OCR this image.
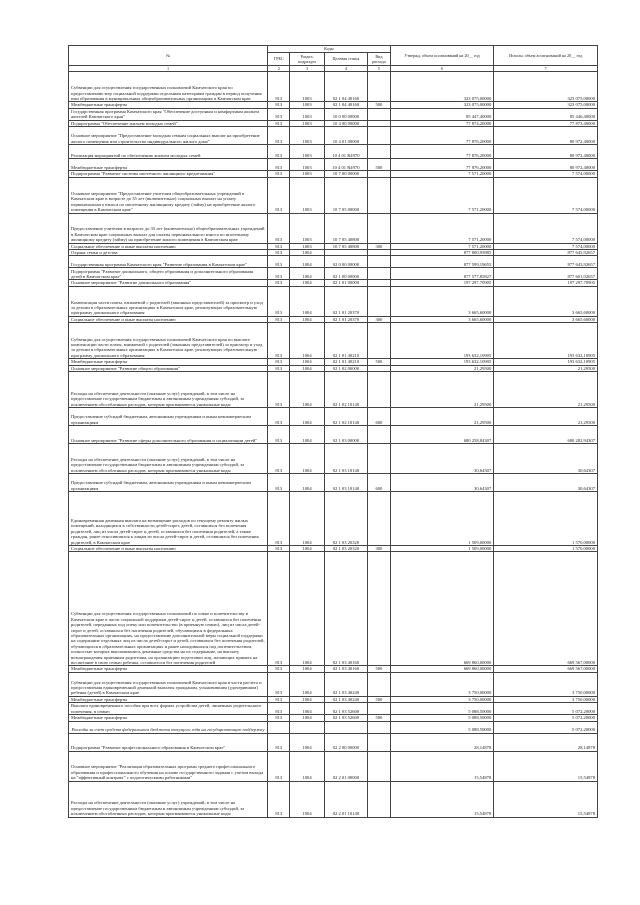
№	Коды				Утвержд. объем ассигнований на 20__ год	Исполн. объем ассигнований на 20__ год
	ГРБС	Раздел, подраздел	Целевая статья	Вид расхода		
1	2	3	4	5	6	7
Субвенции для осуществления государственных полномочий Камчатского края по предоставлению мер социальной поддержки отдельным категориям граждан в период получения ими образования в муниципальных общеобразовательных организациях в Камчатском крае	813	1003	02 1 04 40160		323 075,00000	323 075,00000
Межбюджетные трансферты	813	1003	02 1 04 40160	500	323 075,00000	323 075,00000
Государственная программа Камчатского края "Обеспечение доступным и комфортным жильем жителей Камчатского края"	813	1003	10 0 00 00000		85 447,40000	85 446,40000
Подпрограмма "Обеспечение жильем молодых семей"	813	1003	10 4 00 00000		77 874,20000	77 873,40000
Основное мероприятие "Предоставление молодым семьям социальных выплат на приобретение жилого помещения или строительство индивидуального жилого дома"	813	1003	10 4 01 00000		77 876,20000	80 972,40000
Реализация мероприятий по обеспечению жильем молодых семей	813	1003	10 4 01 R4970		77 876,20000	80 972,40000
Межбюджетные трансферты	813	1003	10 4 01 R4970	500	77 876,20000	80 972,40000
Подпрограмма "Развитие системы ипотечного жилищного кредитования"	813	1003	10 7 00 00000		7 571,20000	7 574,00000
Основное мероприятие "Предоставление учителям общеобразовательных учреждений в Камчатском крае в возрасте до 35 лет (включительно) социальных выплат на уплату первоначального взноса по ипотечному жилищному кредиту (займу) на приобретение жилого помещения в Камчатском крае"	813	1003	10 7 05 00000		7 571,20000	7 574,00000
Предоставление учителям в возрасте до 35 лет (включительно) общеобразовательных учреждений в Камчатском крае социальных выплат для оплаты первоначального взноса по ипотечному жилищному кредиту (займу) на приобретение жилого помещения в Камчатском крае	813	1003	10 7 05 40800		7 571,20000	7 574,00000
Социальное обеспечение и иные выплаты населению	813	1003	10 7 05 40800	300	7 571,20000	7 574,00000
Охрана семьи и детства	813	1004			877 800,95885	877 645,92657
Государственная программа Камчатского края "Развитие образования в Камчатском крае"	813	1004	02 0 00 00000		877 599,19655	877 643,92657
Подпрограмма "Развитие дошкольного, общего образования и дополнительного образования детей в Камчатском крае"	813	1004	02 1 00 00000		877 577,85827	877 601,02657
Основное мероприятие "Развитие дошкольного образования"	813	1004	02 1 01 00000		197 297,70905	197 297,70905
Компенсация части платы, взимаемой с родителей (законных представителей) за присмотр и уход за детьми в образовательных организациях в Камчатском крае, реализующих образовательную программу дошкольного образования	813	1004	02 1 01 20370		3 665,60000	3 665,60000
Социальное обеспечение и иные выплаты населению	813	1004	02 1 01 20370	300	3 665,60000	3 665,60000
Субвенции для осуществления государственных полномочий Камчатского края по выплате компенсации части платы, взимаемой с родителей (законных представителей) за присмотр и уход за детьми в образовательных организациях в Камчатском крае, реализующих образовательную программу дошкольного образования	813	1004	02 1 01 40210		193 632,10905	193 632,10905
Межбюджетные трансферты	813	1004	02 1 01 40210	500	193 632,10905	193 632,10905
Основное мероприятие "Развитие общего образования"	813	1004	02 1 02 00000		21,29500	21,29500
Расходы на обеспечение деятельности (оказание услуг) учреждений, в том числе на предоставление государственным бюджетным и автономным учреждениям субсидий, за исключением обособленных расходов, которым присваиваются уникальные коды	813	1004	02 1 02 10140		21,29500	21,29500
Предоставление субсидий бюджетным, автономным учреждениям и иным некоммерческим организациям	813	1004	02 1 02 10140	600	21,29500	21,29500
Основное мероприятие "Развитие сферы дополнительного образования и социализации детей"	813	1004	02 1 03 00000		680 258,84307	680 282,94307
Расходы на обеспечение деятельности (оказание услуг) учреждений, в том числе на предоставление государственным бюджетным и автономным учреждениям субсидий, за исключением обособленных расходов, которым присваиваются уникальные коды	813	1004	02 1 03 10140		30,64307	30,64307
Предоставление субсидий бюджетным, автономным учреждениям и иным некоммерческим организациям	813	1004	02 1 03 10140	600	30,64307	30,64307
Единовременная денежная выплата на возмещение расходов по текущему ремонту жилых помещений, находящихся в собственности детей-сирот, детей, оставшихся без попечения родителей, лиц из числа детей-сирот и детей, оставшихся без попечения родителей, а также граждан, ранее относившихся к лицам из числа детей-сирот и детей, оставшихся без попечения родителей, в Камчатском крае	813	1004	02 1 03 20320		1 509,00000	1 570,00000
Социальное обеспечение и иные выплаты населению	813	1004	02 1 03 20320	300	1 509,00000	1 570,00000
Субвенции для осуществления государственных полномочий по опеке и попечительству в Камчатском крае в части социальной поддержки детей-сирот и детей, оставшихся без попечения родителей, переданных под опеку или попечительство (в приемную семью), лиц из числа детей-сирот и детей, оставшихся без попечения родителей, обучающихся в федеральных образовательных организациях, на предоставление дополнительной меры социальной поддержки на содержание отдельных лиц из числа детей-сирот и детей, оставшихся без попечения родителей, обучающихся в образовательных организациях и ранее находившихся под попечительством, полностью которых выплачивались денежные средства на их содержание, на выплату вознаграждения приемным родителям, на организацию подготовки лиц, желающих принять на воспитание в свою семью ребенка, оставшегося без попечения родителей	813	1004	02 1 03 40160		669 860,00000	669 567,00000
Межбюджетные трансферты	813	1004	02 1 03 40160	500	669 860,00000	669 567,00000
Субвенции для осуществления государственных полномочий Камчатского края в части расчета и предоставления единовременной денежной выплаты гражданам, усыновившим (удочерившим) ребенка (детей) в Камчатском крае	813	1004	02 1 03 40240		3 750,00000	3 750,00000
Межбюджетные трансферты	813	1004	02 1 03 40240	500	3 750,00000	3 750,00000
Выплата единовременного пособия при всех формах устройства детей, лишенных родительского попечения, в семью	813	1004	02 1 03 52600		5 088,50000	5 072,20000
Межбюджетные трансферты	813	1004	02 1 03 52600	500	5 088,50000	5 072,20000
Расходы за счет средств федерального бюджета текущего года на государственную поддержку					5 088,50000	5 072,20000
Подпрограмма "Развитие профессионального образования в Камчатском крае"	813	1004	02 2 00 00000		28,14878	28,14878
Основное мероприятие "Реализация образовательных программ среднего профессионального образования и профессионального обучения на основе государственного задания с учетом выхода на "эффективный контракт" с педагогическими работниками"	813	1004	02 2 01 00000		15,54878	15,54878
Расходы на обеспечение деятельности (оказание услуг) учреждений, в том числе на предоставление государственным бюджетным и автономным учреждениям субсидий, за исключением обособленных расходов, которым присваиваются уникальные коды	813	1004	02 2 01 10140		15,54878	15,54878
